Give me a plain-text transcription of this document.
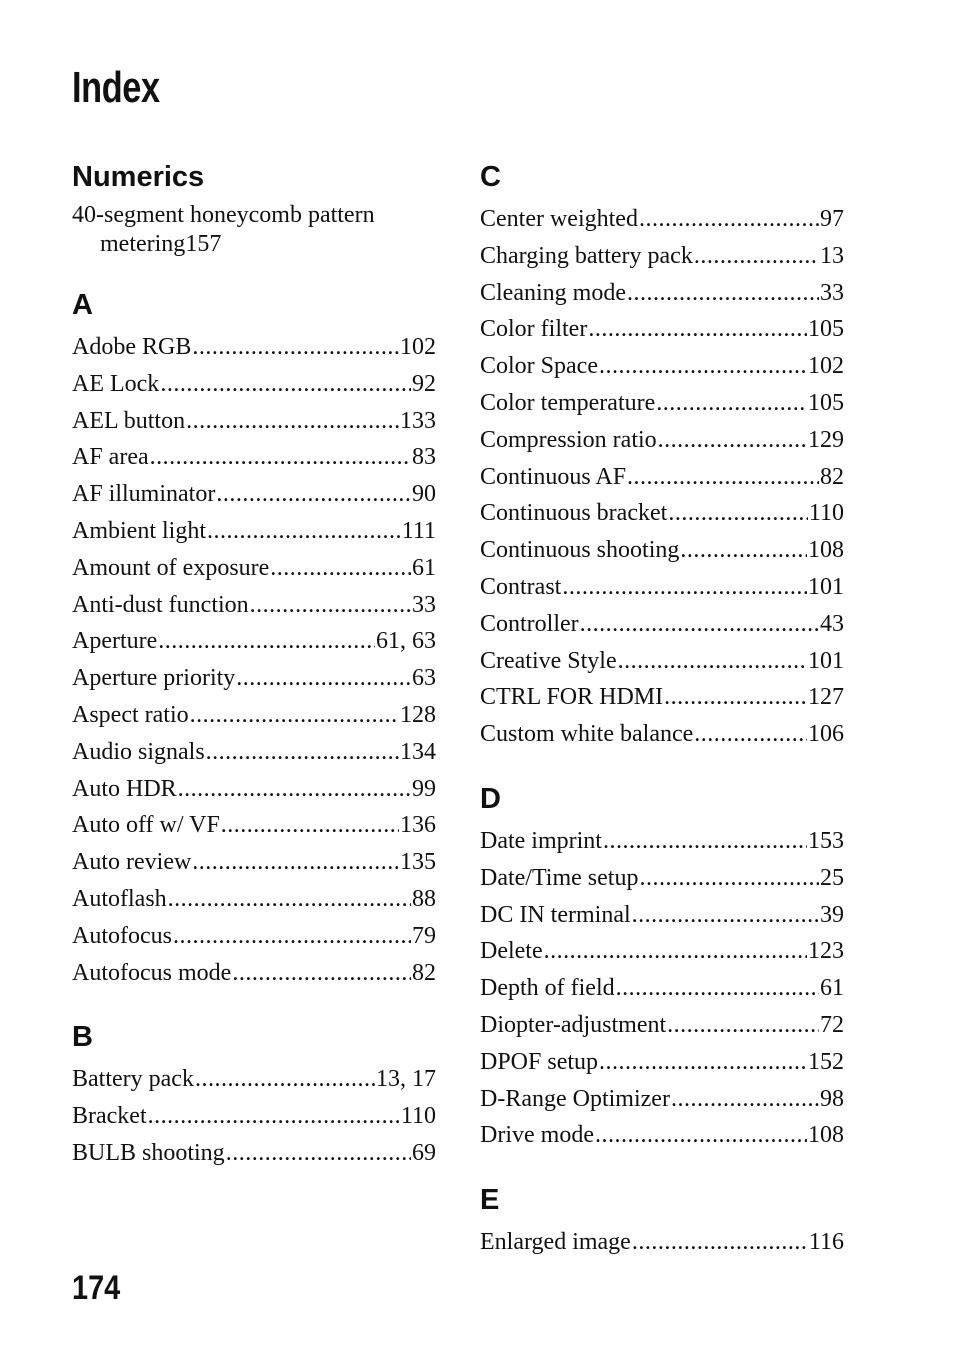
Index
Numerics
40-segment honeycomb pattern
metering 157
A
Adobe RGB .....	102
AE Lock .....	92
AEL button .....	133
AF area .....	83
AF illuminator .....	90
Ambient light .....	111
Amount of exposure .....	61
Anti-dust function .....	33
Aperture .....	61, 63
Aperture priority .....	63
Aspect ratio .....	128
Audio signals .....	134
Auto HDR .....	99
Auto off w/ VF .....	136
Auto review .....	135
Autoflash .....	88
Autofocus .....	79
Autofocus mode .....	82
B
Battery pack .....	13, 17
Bracket .....	110
BULB shooting .....	69
C
Center weighted .....	97
Charging battery pack .....	13
Cleaning mode .....	33
Color filter .....	105
Color Space .....	102
Color temperature .....	105
Compression ratio .....	129
Continuous AF .....	82
Continuous bracket .....	110
Continuous shooting .....	108
Contrast .....	101
Controller .....	43
Creative Style .....	101
CTRL FOR HDMI .....	127
Custom white balance .....	106
D
Date imprint .....	153
Date/Time setup .....	25
DC IN terminal .....	39
Delete .....	123
Depth of field .....	61
Diopter-adjustment .....	72
DPOF setup .....	152
D-Range Optimizer .....	98
Drive mode .....	108
E
Enlarged image .....	116
174
